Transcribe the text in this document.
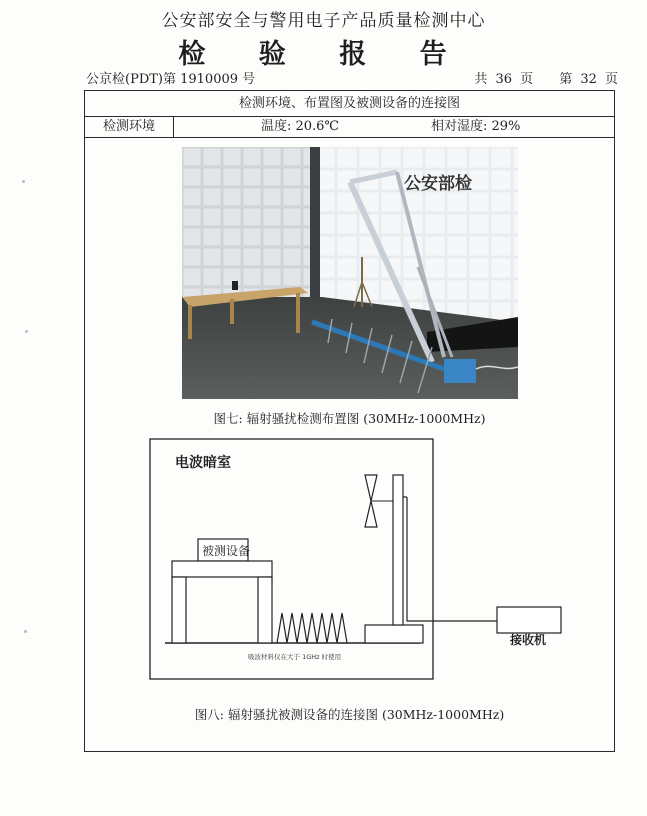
公安部安全与警用电子产品质量检测中心
检 验 报 告
公京检(PDT)第 1910009 号	共 36 页 第 32 页
检测环境、布置图及被测设备的连接图
检测环境	温度: 20.6℃	相对湿度: 29%
公安部检
图七: 辐射骚扰检测布置图 (30MHz-1000MHz)
电波暗室
被测设备
接收机
吸波材料仅在大于 1GHz 时使用
图八: 辐射骚扰被测设备的连接图 (30MHz-1000MHz)
